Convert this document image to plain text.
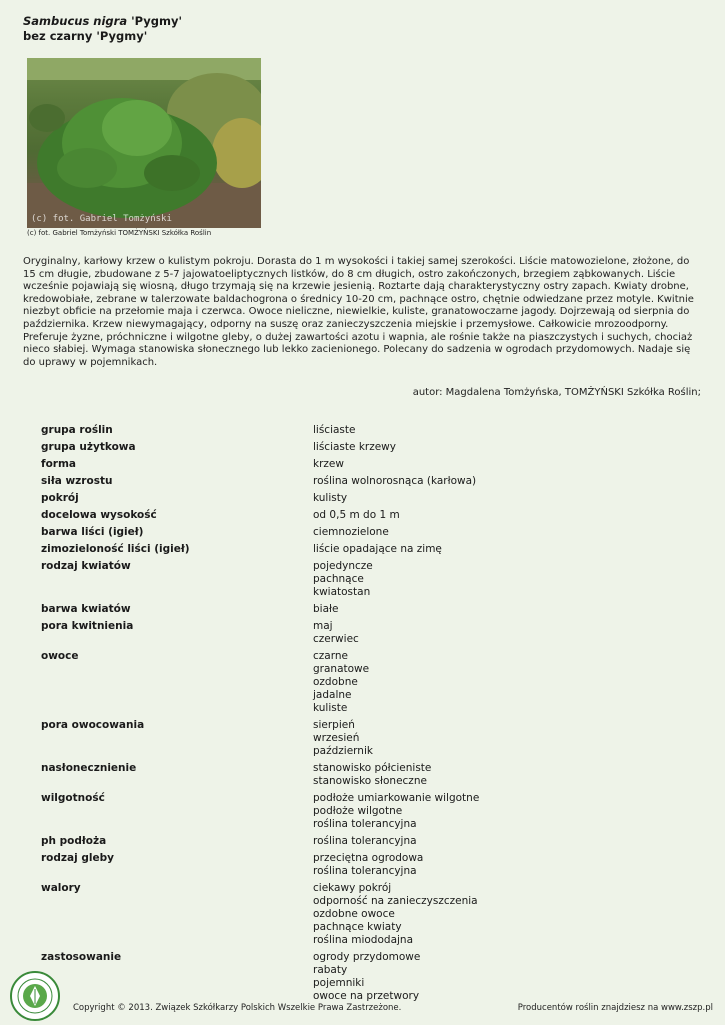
Sambucus nigra 'Pygmy'
bez czarny 'Pygmy'
(c) fot. Gabriel Tomżyński
(c) fot. Gabriel Tomżyński TOMŻYŃSKI Szkółka Roślin
Oryginalny, karłowy krzew o kulistym pokroju. Dorasta do 1 m wysokości i takiej samej szerokości. Liście matowozielone, złożone, do 15 cm długie, zbudowane z 5-7 jajowatoeliptycznych listków, do 8 cm długich, ostro zakończonych, brzegiem ząbkowanych. Liście wcześnie pojawiają się wiosną, długo trzymają się na krzewie jesienią. Roztarte dają charakterystyczny ostry zapach. Kwiaty drobne, kredowobiałe, zebrane w talerzowate baldachogrona o średnicy 10-20 cm, pachnące ostro, chętnie odwiedzane przez motyle. Kwitnie niezbyt obficie na przełomie maja i czerwca. Owoce nieliczne, niewielkie, kuliste, granatowoczarne jagody. Dojrzewają od sierpnia do października. Krzew niewymagający, odporny na suszę oraz zanieczyszczenia miejskie i przemysłowe. Całkowicie mrozoodporny. Preferuje żyzne, próchniczne i wilgotne gleby, o dużej zawartości azotu i wapnia, ale rośnie także na piaszczystych i suchych, chociaż nieco słabiej. Wymaga stanowiska słonecznego lub lekko zacienionego. Polecany do sadzenia w ogrodach przydomowych. Nadaje się do uprawy w pojemnikach.
autor: Magdalena Tomżyńska, TOMŻYŃSKI Szkółka Roślin;
grupa roślin	liściaste
grupa użytkowa	liściaste krzewy
forma	krzew
siła wzrostu	roślina wolnorosnąca (karłowa)
pokrój	kulisty
docelowa wysokość	od 0,5 m do 1 m
barwa liści (igieł)	ciemnozielone
zimozieloność liści (igieł)	liście opadające na zimę
rodzaj kwiatów	pojedyncze
pachnące
kwiatostan
barwa kwiatów	białe
pora kwitnienia	maj
czerwiec
owoce	czarne
granatowe
ozdobne
jadalne
kuliste
pora owocowania	sierpień
wrzesień
październik
nasłonecznienie	stanowisko półcieniste
stanowisko słoneczne
wilgotność	podłoże umiarkowanie wilgotne
podłoże wilgotne
roślina tolerancyjna
ph podłoża	roślina tolerancyjna
rodzaj gleby	przeciętna ogrodowa
roślina tolerancyjna
walory	ciekawy pokrój
odporność na zanieczyszczenia
ozdobne owoce
pachnące kwiaty
roślina miododajna
zastosowanie	ogrody przydomowe
rabaty
pojemniki
owoce na przetwory
Copyright © 2013. Związek Szkółkarzy Polskich Wszelkie Prawa Zastrzeżone.	Producentów roślin znajdziesz na www.zszp.pl
